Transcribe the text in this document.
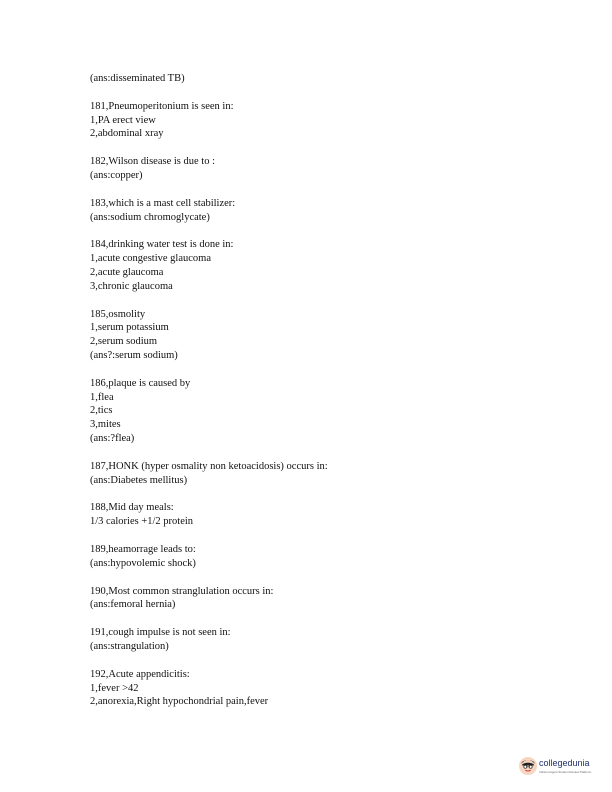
(ans:disseminated TB)
181,Pneumoperitonium is seen in:
1,PA erect view
2,abdominal xray
182,Wilson disease is due to :
(ans:copper)
183,which is a mast cell stabilizer:
(ans:sodium chromoglycate)
184,drinking water test is done in:
1,acute congestive glaucoma
2,acute glaucoma
3,chronic glaucoma
185,osmolity
1,serum potassium
2,serum sodium
(ans?:serum sodium)
186,plaque is caused by
1,flea
2,tics
3,mites
(ans:?flea)
187,HONK (hyper osmality non ketoacidosis) occurs in:
(ans:Diabetes mellitus)
188,Mid day meals:
1/3 calories +1/2 protein
189,heamorrage leads to:
(ans:hypovolemic shock)
190,Most common stranglulation occurs in:
(ans:femoral hernia)
191,cough impulse is not seen in:
(ans:strangulation)
192,Acute appendicitis:
1,fever >42
2,anorexia,Right hypochondrial pain,fever
collegedunia
India's largest Student Review Platform
